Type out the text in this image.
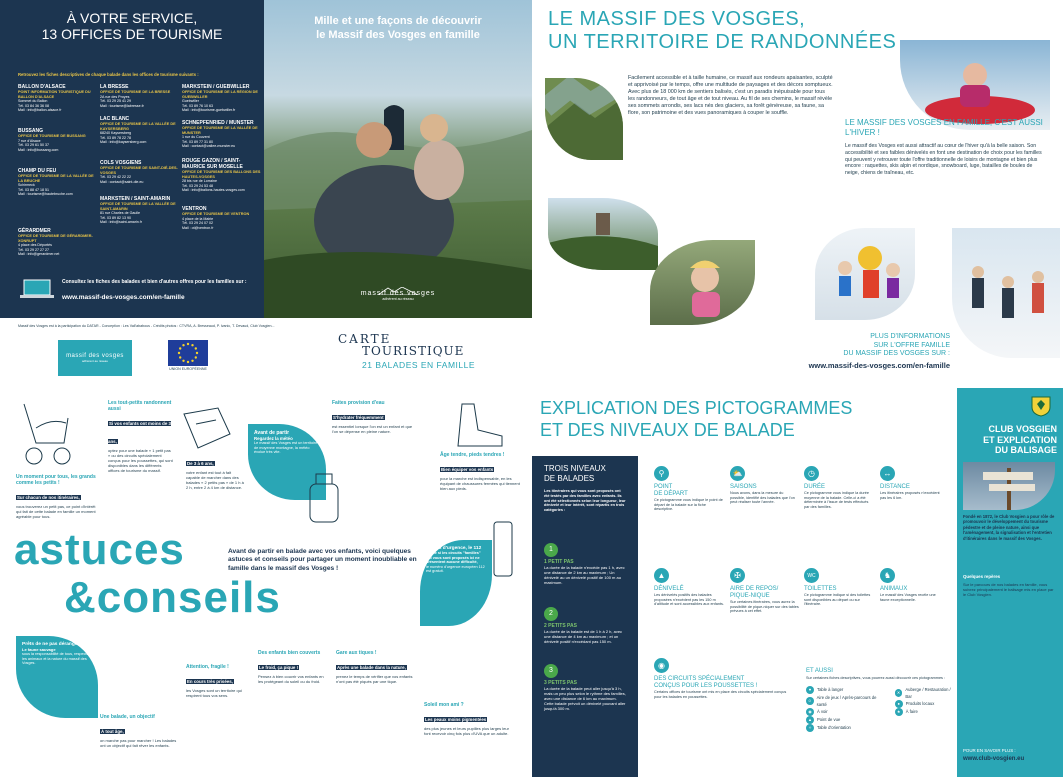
À VOTRE SERVICE,
13 OFFICES DE TOURISME
Retrouvez les fiches descriptives de chaque balade dans les offices de tourisme suivants :
BALLON D'ALSACE
POINT INFORMATION TOURISTIQUE DU BALLON D'ALSACE
Sommet du Ballon
Tél. 03 84 36 36 08
Mail : info@ballon-alsace.fr
BUSSANG
OFFICE DE TOURISME DE BUSSANG
7 rue d'Alsace
Tél. 03 29 61 50 37
Mail : info@bussang.com
CHAMP DU FEU
OFFICE DE TOURISME DE LA VALLÉE DE LA BRUCHE
Schirmeck
Tél. 03 88 47 18 51
Mail : tourisme@hautebruche.com
GÉRARDMER
OFFICE DE TOURISME DE GÉRARDMER-XONRUPT
4 place des Déportés
Tél. 03 29 27 27 27
Mail : info@gerardmer.net
LA BRESSE
OFFICE DE TOURISME DE LA BRESSE
2A rue des Proyes
Tél. 03 29 25 41 29
Mail : tourisme@labresse.fr
LAC BLANC
OFFICE DE TOURISME DE LA VALLÉE DE KAYSERSBERG
68240 Kaysersberg
Tél. 03 89 78 22 78
Mail : info@kaysersberg.com
COLS VOSGIENS
OFFICE DE TOURISME DE SAINT-DIÉ-DES-VOSGES
Tél. 03 29 42 22 22
Mail : contact@saint-die.eu
MARKSTEIN / SAINT-AMARIN
OFFICE DE TOURISME DE LA VALLÉE DE SAINT-AMARIN
81 rue Charles de Gaulle
Tél. 03 89 82 13 90
Mail : info@saint-amarin.fr
MARKSTEIN / GUEBWILLER
OFFICE DE TOURISME DE LA RÉGION DE GUEBWILLER
Guebwiller
Tél. 03 89 76 10 63
Mail : info@tourisme-guebwiller.fr
SCHNEPFENRIED / MUNSTER
OFFICE DE TOURISME DE LA VALLÉE DE MUNSTER
1 rue du Couvent
Tél. 03 89 77 31 80
Mail : contact@vallee-munster.eu
ROUGE GAZON / SAINT-MAURICE SUR MOSELLE
OFFICE DE TOURISME DES BALLONS DES HAUTES-VOSGES
28 bis rue de Lorraine
Tél. 03 29 24 53 48
Mail : info@ballons-hautes-vosges.com
VENTRON
OFFICE DE TOURISME DE VENTRON
4 place de la Mairie
Tél. 03 29 24 07 02
Mail : ot@ventron.fr
Consultez les fiches des balades et bien d'autres offres pour les familles sur :
www.massif-des-vosges.com/en-famille
Mille et une façons de découvrir
le Massif des Vosges en famille
massif des vosges
adhérent au réseau
LE MASSIF DES VOSGES,
UN TERRITOIRE DE RANDONNÉES
Facilement accessible et à taille humaine, ce massif aux rondeurs apaisantes, sculpté et apprivoisé par le temps, offre une multitude de paysages et des décors somptueux. Avec plus de 18 000 km de sentiers balisés, c'est un paradis inépuisable pour tous les randonneurs, de tout âge et de tout niveau. Au fil de ses chemins, le massif révèle ses sommets arrondis, ses lacs nés des glaciers, sa forêt généreuse, sa faune, sa flore, son patrimoine et des vues panoramiques à couper le souffle.
LE MASSIF DES VOSGES EN FAMILLE, C'EST AUSSI L'HIVER !
Le massif des Vosges est aussi attractif au cœur de l'hiver qu'à la belle saison. Son accessibilité et ses faibles dénivelés en font une destination de choix pour les familles qui peuvent y retrouver toute l'offre traditionnelle de loisirs de montagne et bien plus encore : raquettes, skis alpin et nordique, snowboard, luge, batailles de boules de neige, chiens de traîneau, etc.
PLUS D'INFORMATIONS
SUR L'OFFRE FAMILLE
DU MASSIF DES VOSGES SUR :
www.massif-des-vosges.com/en-famille
Massif des Vosges est à la participation du DATAR - Conception : Les Vall'ababous - Crédits photos : CTVRA, A. Bresseaud, P. Ivanic, T. Devaud, Club Vosgien...
massif des vosges
adhérent au réseau
UNION EUROPÉENNE
CARTE
TOURISTIQUE
21 BALADES EN FAMILLE
Les tout-petits randonnent aussi
Si vos enfants ont moins de 3 ans,
optez pour une balade « 1 petit pas » ou des circuits spécialement conçus pour les poussettes, qui sont disponibles dans les différents offices de tourisme du massif.
De 3 à 6 ans,
votre enfant est tout à fait capable de marcher dans des balades « 2 petits pas » de 1 h à 2 h, entre 2 à 4 km de distance.
Avant de partir
Regardez la météo
Le massif des Vosges est un territoire de moyenne montagne, la météo évolue très vite.
Faites provision d'eau
S'hydrater fréquemment
est essentiel lorsque l'on est un enfant et que l'on se dépense en pleine nature.
Âge tendre, pieds tendres !
Bien équiper vos enfants
pour la marche est indispensable, en les équipant de chaussures fermées qui tiennent bien aux pieds.
Un moment pour tous, les grands comme les petits !
Sur chacun de nos itinéraires,
vous trouverez un petit pas, ce point d'intérêt qui fait de cette balade en famille un moment agréable pour tous.
astuces
&conseils
Avant de partir en balade avec vos enfants, voici quelques astuces et conseils pour partager un moment inoubliable en famille dans le massif des Vosges !
En cas d'urgence, le 112
Même si les circuits "familles" qui vous sont proposés ici ne présentent aucune difficulté,
le numéro d'urgence européen 112 est gratuit.
Prêts de ne pas déranger
Le faune sauvage
sous la responsabilité de tous, respectez les animaux et la nature du massif des Vosges.
Attention, fragile !
En cours très prisées,
les Vosges sont un territoire qui respirent tous vos sens.
Des enfants bien couverts
Le froid, ça pique !
Pensez à bien couvrir vos enfants en les protégeant du soleil ou du froid.
Gare aux tiques !
Après une balade dans la nature,
prenez le temps de vérifier que vos enfants n'ont pas été piqués par une tique.
Une balade, un objectif
À tout âge,
on marche pas pour marcher ! Les balades ont un objectif qui fait rêver les enfants.
Soleil mon ami ?
Les peaux moins pigmentées
des plus jeunes et leurs pupilles plus larges leur font recevoir cinq fois plus d'UVA que un adulte.
EXPLICATION DES PICTOGRAMMES
ET DES NIVEAUX DE BALADE
TROIS NIVEAUX
DE BALADES
Les itinéraires qui vous sont proposés ont été testés par des familles avec enfants. Ils ont été sélectionnés selon leur longueur, leur dénivelé et leur intérêt, sont répartis en trois catégories :
1
1 PETIT PAS
La durée de la balade n'excède pas 1 h, avec une distance de 2 km au maximum ; Un dénivelé au un dénivelé positif de 100 m au maximum.
2
2 PETITS PAS
La durée de la balade est de 1 h à 2 h, avec une distance de 4 km au maximum ; et un dénivelé positif n'excédant pas 150 m.
3
3 PETITS PAS
La durée de la balade peut aller jusqu'à 3 h, mais un peu plus selon le rythme des familles, avec une distance de 6 km au maximum. Cette balade prévoit un dénivelé pouvant aller jusqu'à 300 m.
⚲
POINT
DE DÉPART
Ce pictogramme vous indique le point de départ de la balade sur la fiche descriptive.
⛅
SAISONS
Nous avons, dans la mesure du possible, identifié des balades que l'on peut réaliser toute l'année.
◷
DURÉE
Ce pictogramme vous indique la durée moyenne de la balade. Celle-ci a été déterminée à l'issue de tests effectués par des familles.
↔
DISTANCE
Les itinéraires proposés n'excèdent pas les 6 km.
▲
DÉNIVELÉ
Les dénivelés positifs des balades proposées n'excèdent pas les 150 m d'altitude et sont accessibles aux enfants.
✠
AIRE DE REPOS/
PIQUE-NIQUE
Sur certaines itinéraires, vous aurez la possibilité de pique-niquer sur des tables prévues à cet effet.
WC
TOILETTES
Ce pictogramme indique si des toilettes sont disponibles au départ ou sur l'itinéraire.
♞
ANIMAUX
Le massif des Vosges recèle une faune exceptionnelle.
◉
DES CIRCUITS SPÉCIALEMENT
CONÇUS POUR LES POUSSETTES !
Certains offices de tourisme ont mis en place des circuits spécialement conçus pour les balades en poussettes.
ET AUSSI
Sur certaines fiches descriptives, vous pourrez aussi découvrir ces pictogrammes :
♥	Table à langer
☺
Aire de jeux / Après-parcours de santé
◉	À voir
▲	Point de vue
✧	Table d'orientation
✕
Auberge / Restauration / Bar
●	Produits locaux
★	À faire
CLUB VOSGIEN
ET EXPLICATION
DU BALISAGE
Fondé en 1872, le Club Vosgien a pour rôle de promouvoir le développement du tourisme pédestre et de pleine nature, ainsi que l'aménagement, la signalisation et l'entretien d'itinéraires dans le massif des Vosges.
Quelques repères
Sur le parcours de nos balades en famille, vous suivrez principalement le balisage mis en place par le Club Vosgien.
POUR EN SAVOIR PLUS :
www.club-vosgien.eu
